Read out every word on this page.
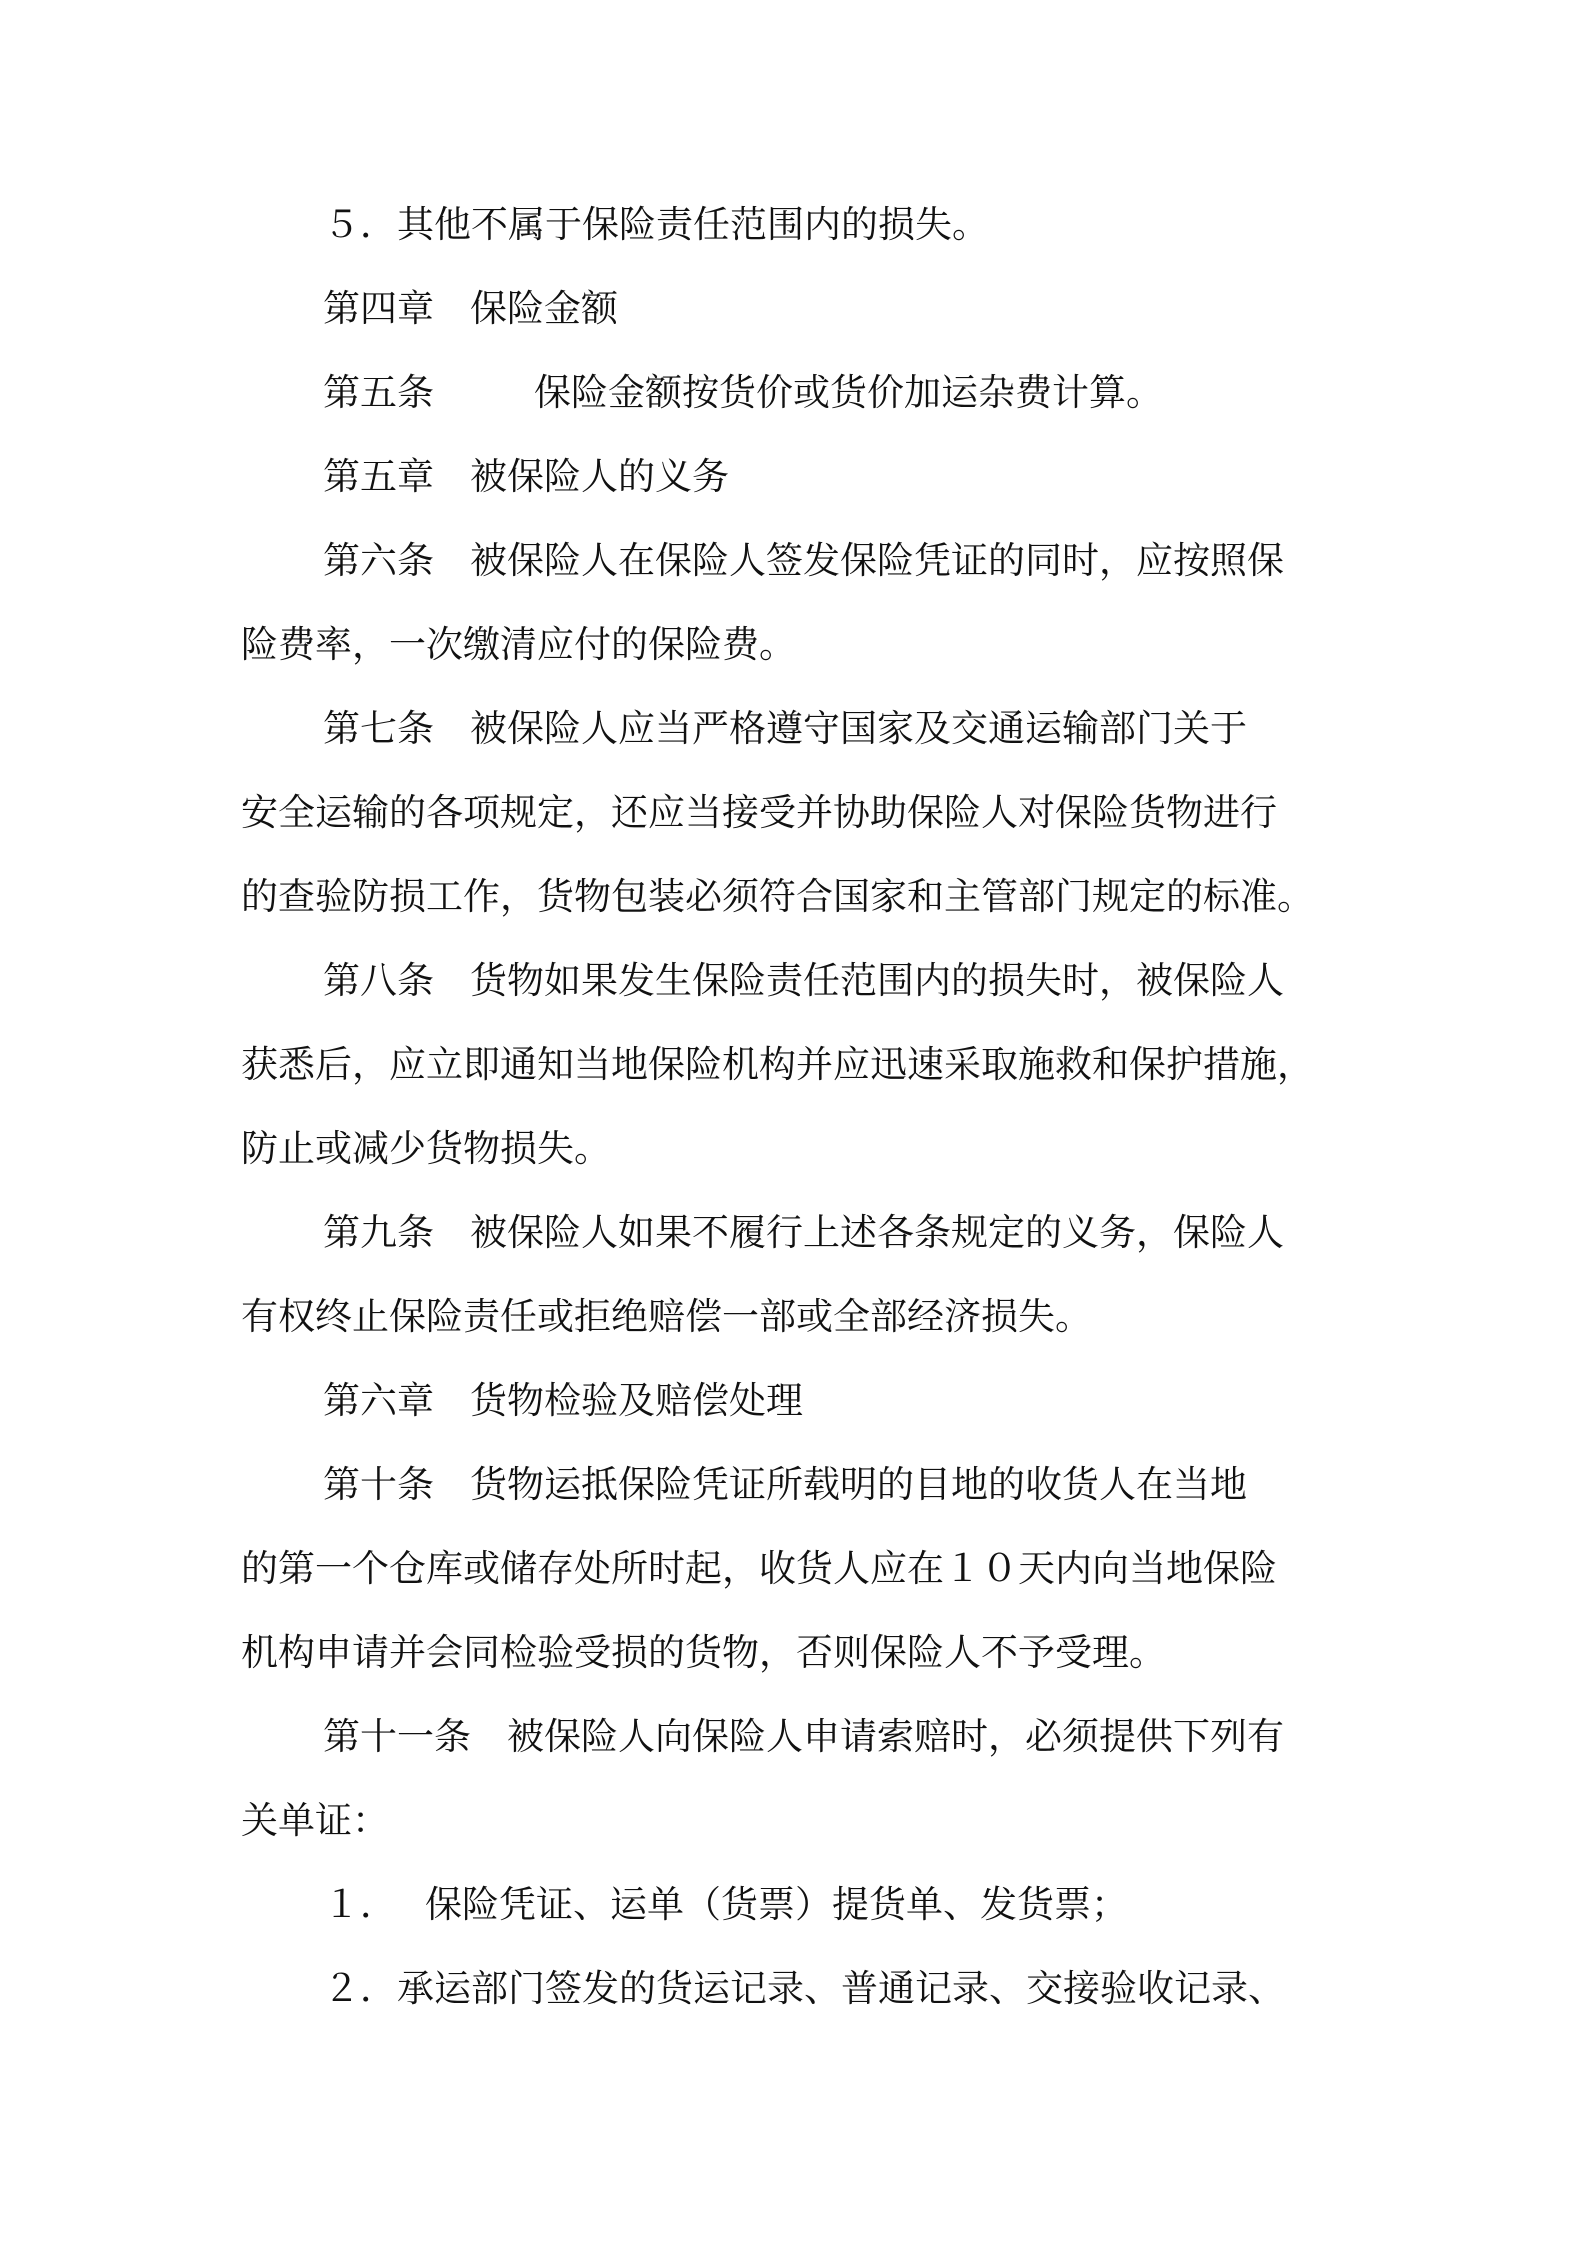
５．其他不属于保险责任范围内的损失。

第四章 保险金额

第五条	保险金额按货价或货价加运杂费计算。

第五章 被保险人的义务

第六条 被保险人在保险人签发保险凭证的同时，应按照保

险费率，一次缴清应付的保险费。

第七条 被保险人应当严格遵守国家及交通运输部门关于

安全运输的各项规定，还应当接受并协助保险人对保险货物进行

的查验防损工作，货物包装必须符合国家和主管部门规定的标准。

第八条 货物如果发生保险责任范围内的损失时，被保险人

获悉后，应立即通知当地保险机构并应迅速采取施救和保护措施，

防止或减少货物损失。

第九条 被保险人如果不履行上述各条规定的义务，保险人

有权终止保险责任或拒绝赔偿一部或全部经济损失。

第六章 货物检验及赔偿处理

第十条 货物运抵保险凭证所载明的目地的收货人在当地

的第一个仓库或储存处所时起，收货人应在１０天内向当地保险

机构申请并会同检验受损的货物，否则保险人不予受理。

第十一条 被保险人向保险人申请索赔时，必须提供下列有

关单证：

１． 保险凭证、运单（货票）提货单、发货票；

２．承运部门签发的货运记录、普通记录、交接验收记录、
